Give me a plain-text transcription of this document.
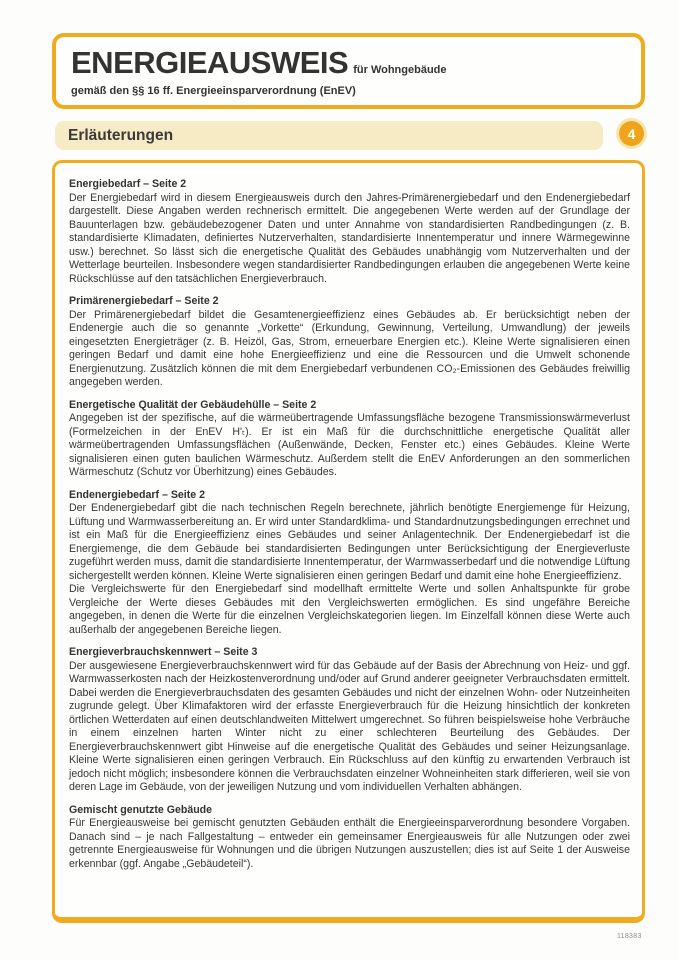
ENERGIEAUSWEIS für Wohngebäude
gemäß den §§ 16 ff. Energieeinsparverordnung (EnEV)
Erläuterungen	4
Energiebedarf – Seite 2

Der Energiebedarf wird in diesem Energieausweis durch den Jahres-Primärenergiebedarf und den Endenergiebedarf dargestellt. Diese Angaben werden rechnerisch ermittelt. Die angegebenen Werte werden auf der Grundlage der Bauunterlagen bzw. gebäudebezogener Daten und unter Annahme von standardisierten Randbedingungen (z. B. standardisierte Klimadaten, definiertes Nutzerverhalten, standardisierte Innentemperatur und innere Wärmegewinne usw.) berechnet. So lässt sich die energetische Qualität des Gebäudes unabhängig vom Nutzerverhalten und der Wetterlage beurteilen. Insbesondere wegen standardisierter Randbedingungen erlauben die angegebenen Werte keine Rückschlüsse auf den tatsächlichen Energieverbrauch.

Primärenergiebedarf – Seite 2

Der Primärenergiebedarf bildet die Gesamtenergieeffizienz eines Gebäudes ab. Er berücksichtigt neben der Endenergie auch die so genannte „Vorkette“ (Erkundung, Gewinnung, Verteilung, Umwandlung) der jeweils eingesetzten Energieträger (z. B. Heizöl, Gas, Strom, erneuerbare Energien etc.). Kleine Werte signalisieren einen geringen Bedarf und damit eine hohe Energieeffizienz und eine die Ressourcen und die Umwelt schonende Energienutzung. Zusätzlich können die mit dem Energiebedarf verbundenen CO₂-Emissionen des Gebäudes freiwillig angegeben werden.

Energetische Qualität der Gebäudehülle – Seite 2

Angegeben ist der spezifische, auf die wärmeübertragende Umfassungsfläche bezogene Transmissionswärmeverlust (Formelzeichen in der EnEV H'ₜ). Er ist ein Maß für die durchschnittliche energetische Qualität aller wärmeübertragenden Umfassungsflächen (Außenwände, Decken, Fenster etc.) eines Gebäudes. Kleine Werte signalisieren einen guten baulichen Wärmeschutz. Außerdem stellt die EnEV Anforderungen an den sommerlichen Wärmeschutz (Schutz vor Überhitzung) eines Gebäudes.

Endenergiebedarf – Seite 2

Der Endenergiebedarf gibt die nach technischen Regeln berechnete, jährlich benötigte Energiemenge für Heizung, Lüftung und Warmwasserbereitung an. Er wird unter Standardklima- und Standardnutzungsbedingungen errechnet und ist ein Maß für die Energieeffizienz eines Gebäudes und seiner Anlagentechnik. Der Endenergiebedarf ist die Energiemenge, die dem Gebäude bei standardisierten Bedingungen unter Berücksichtigung der Energieverluste zugeführt werden muss, damit die standardisierte Innentemperatur, der Warmwasserbedarf und die notwendige Lüftung sichergestellt werden können. Kleine Werte signalisieren einen geringen Bedarf und damit eine hohe Energieeffizienz.

Die Vergleichswerte für den Energiebedarf sind modellhaft ermittelte Werte und sollen Anhaltspunkte für grobe Vergleiche der Werte dieses Gebäudes mit den Vergleichswerten ermöglichen. Es sind ungefähre Bereiche angegeben, in denen die Werte für die einzelnen Vergleichskategorien liegen. Im Einzelfall können diese Werte auch außerhalb der angegebenen Bereiche liegen.

Energieverbrauchskennwert – Seite 3

Der ausgewiesene Energieverbrauchskennwert wird für das Gebäude auf der Basis der Abrechnung von Heiz- und ggf. Warmwasserkosten nach der Heizkostenverordnung und/oder auf Grund anderer geeigneter Verbrauchsdaten ermittelt. Dabei werden die Energieverbrauchsdaten des gesamten Gebäudes und nicht der einzelnen Wohn- oder Nutzeinheiten zugrunde gelegt. Über Klimafaktoren wird der erfasste Energieverbrauch für die Heizung hinsichtlich der konkreten örtlichen Wetterdaten auf einen deutschlandweiten Mittelwert umgerechnet. So führen beispielsweise hohe Verbräuche in einem einzelnen harten Winter nicht zu einer schlechteren Beurteilung des Gebäudes. Der Energieverbrauchskennwert gibt Hinweise auf die energetische Qualität des Gebäudes und seiner Heizungsanlage. Kleine Werte signalisieren einen geringen Verbrauch. Ein Rückschluss auf den künftig zu erwartenden Verbrauch ist jedoch nicht möglich; insbesondere können die Verbrauchsdaten einzelner Wohneinheiten stark differieren, weil sie von deren Lage im Gebäude, von der jeweiligen Nutzung und vom individuellen Verhalten abhängen.

Gemischt genutzte Gebäude

Für Energieausweise bei gemischt genutzten Gebäuden enthält die Energieeinsparverordnung besondere Vorgaben. Danach sind – je nach Fallgestaltung – entweder ein gemeinsamer Energieausweis für alle Nutzungen oder zwei getrennte Energieausweise für Wohnungen und die übrigen Nutzungen auszustellen; dies ist auf Seite 1 der Ausweise erkennbar (ggf. Angabe „Gebäudeteil“).

118383
